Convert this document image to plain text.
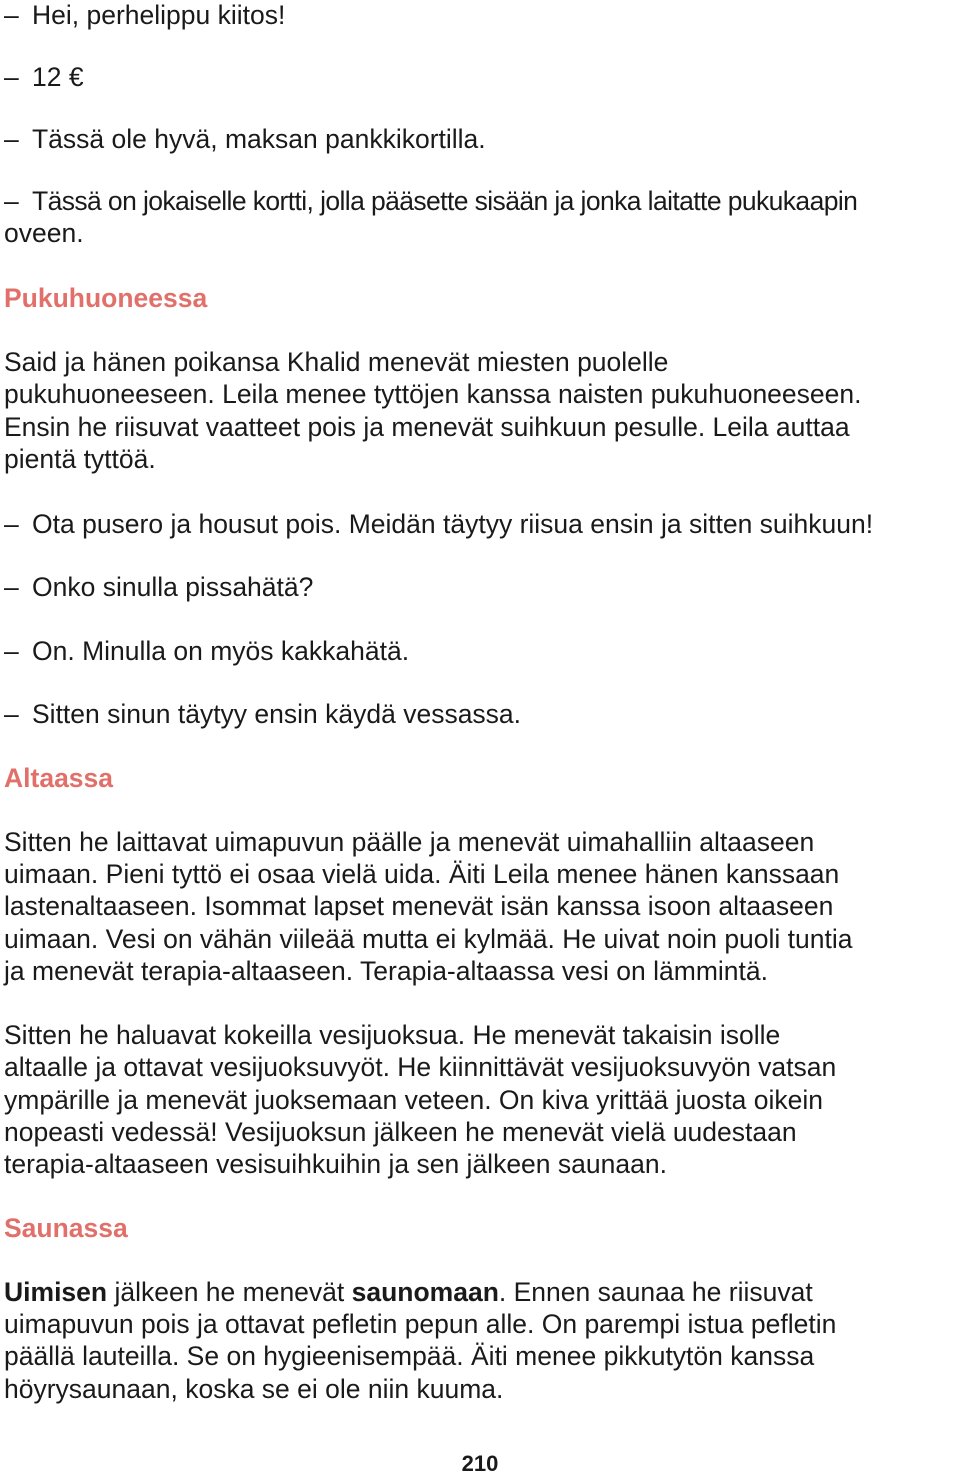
– Hei, perhelippu kiitos!
– 12 €
– Tässä ole hyvä, maksan pankkikortilla.
– Tässä on jokaiselle kortti, jolla pääsette sisään ja jonka laitatte pukukaapin
oveen.
Pukuhuoneessa
Said ja hänen poikansa Khalid menevät miesten puolelle
pukuhuoneeseen. Leila menee tyttöjen kanssa naisten pukuhuoneeseen.
Ensin he riisuvat vaatteet pois ja menevät suihkuun pesulle. Leila auttaa
pientä tyttöä.
– Ota pusero ja housut pois. Meidän täytyy riisua ensin ja sitten suihkuun!
– Onko sinulla pissahätä?
– On. Minulla on myös kakkahätä.
– Sitten sinun täytyy ensin käydä vessassa.
Altaassa
Sitten he laittavat uimapuvun päälle ja menevät uimahalliin altaaseen
uimaan. Pieni tyttö ei osaa vielä uida. Äiti Leila menee hänen kanssaan
lastenaltaaseen. Isommat lapset menevät isän kanssa isoon altaaseen
uimaan. Vesi on vähän viileää mutta ei kylmää. He uivat noin puoli tuntia
ja menevät terapia-altaaseen. Terapia-altaassa vesi on lämmintä.
Sitten he haluavat kokeilla vesijuoksua. He menevät takaisin isolle
altaalle ja ottavat vesijuoksuvyöt. He kiinnittävät vesijuoksuvyön vatsan
ympärille ja menevät juoksemaan veteen. On kiva yrittää juosta oikein
nopeasti vedessä! Vesijuoksun jälkeen he menevät vielä uudestaan
terapia-altaaseen vesisuihkuihin ja sen jälkeen saunaan.
Saunassa
Uimisen jälkeen he menevät saunomaan. Ennen saunaa he riisuvat
uimapuvun pois ja ottavat pefletin pepun alle. On parempi istua pefletin
päällä lauteilla. Se on hygieenisempää. Äiti menee pikkutytön kanssa
höyrysaunaan, koska se ei ole niin kuuma.
210
